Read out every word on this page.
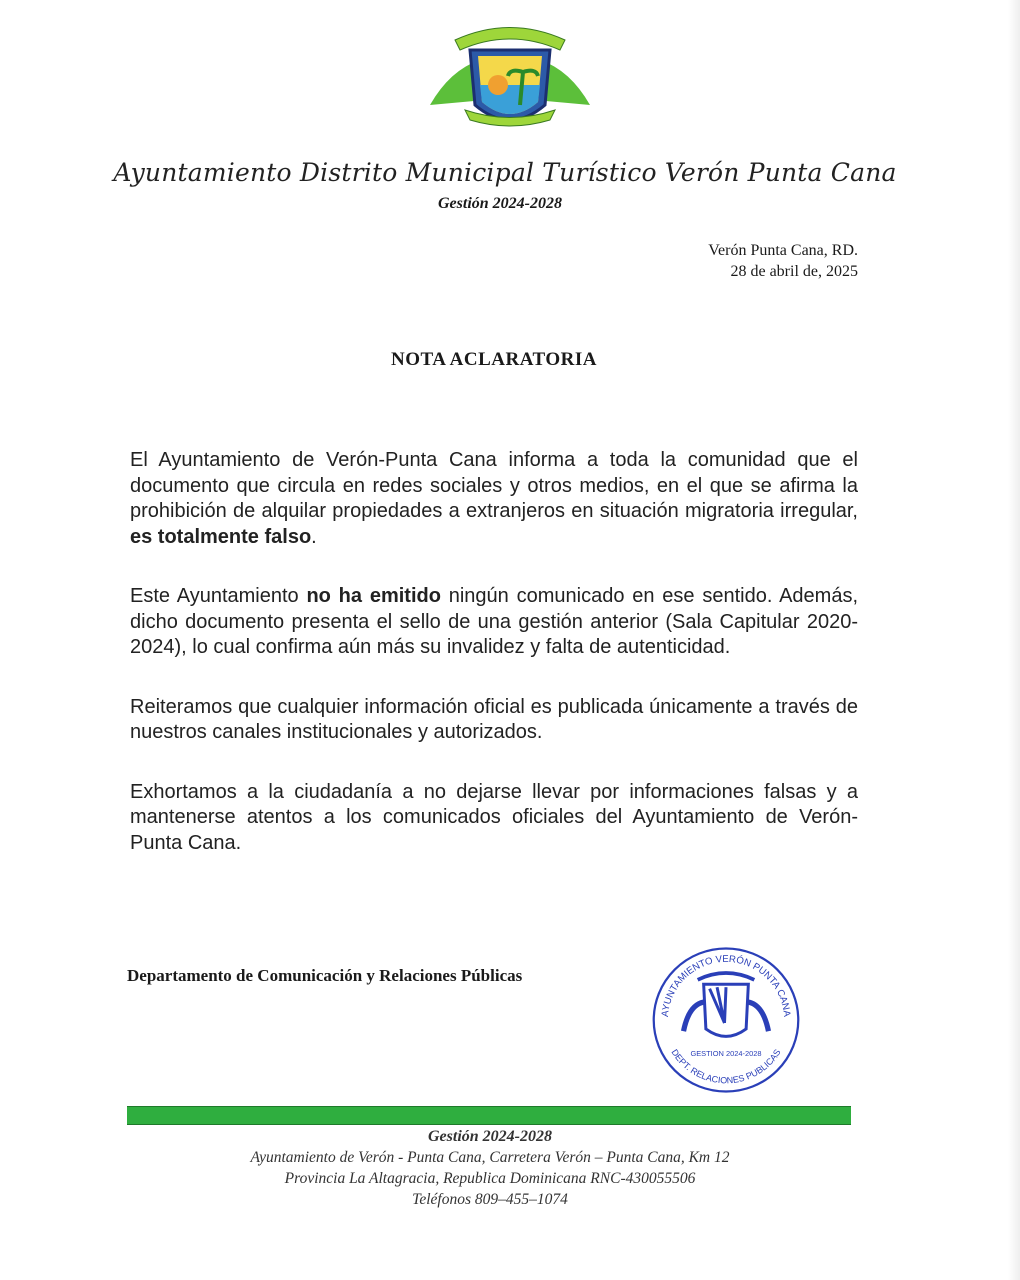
Ayuntamiento Distrito Municipal Turístico Verón Punta Cana
Gestión 2024-2028
Verón Punta Cana, RD.
28 de abril de, 2025
NOTA ACLARATORIA

El Ayuntamiento de Verón-Punta Cana informa a toda la comunidad que el documento que circula en redes sociales y otros medios, en el que se afirma la prohibición de alquilar propiedades a extranjeros en situación migratoria irregular, es totalmente falso.

Este Ayuntamiento no ha emitido ningún comunicado en ese sentido. Además, dicho documento presenta el sello de una gestión anterior (Sala Capitular 2020-2024), lo cual confirma aún más su invalidez y falta de autenticidad.

Reiteramos que cualquier información oficial es publicada únicamente a través de nuestros canales institucionales y autorizados.

Exhortamos a la ciudadanía a no dejarse llevar por informaciones falsas y a mantenerse atentos a los comunicados oficiales del Ayuntamiento de Verón-Punta Cana.

Departamento de Comunicación y Relaciones Públicas
AYUNTAMIENTO VERÓN PUNTA CANA
DEPT. RELACIONES PUBLICAS
GESTION 2024-2028
Gestión 2024-2028
Ayuntamiento de Verón - Punta Cana, Carretera Verón – Punta Cana, Km 12
Provincia La Altagracia, Republica Dominicana RNC-430055506
Teléfonos 809–455–1074
